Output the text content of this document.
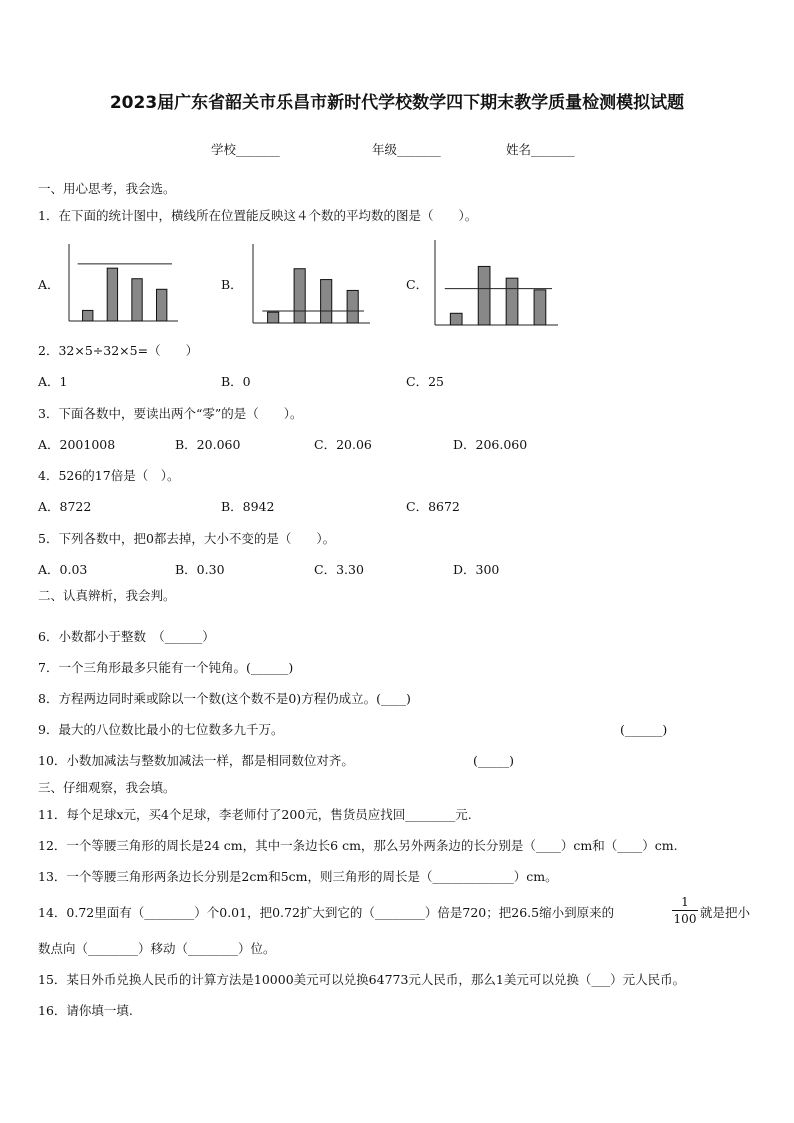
2023届广东省韶关市乐昌市新时代学校数学四下期末教学质量检测模拟试题
学校_______	年级_______	姓名_______
一、用心思考，我会选。
1．在下面的统计图中，横线所在位置能反映这４个数的平均数的图是（　　）。
A．	B．	C．
2．32×5÷32×5=（　　）
A．1	B．0	C．25
3．下面各数中，要读出两个“零”的是（　　）。
A．2001008	B．20.060	C．20.06	D．206.060
4．526的17倍是（　）。
A．8722	B．8942	C．8672
5．下列各数中，把0都去掉，大小不变的是（　　）。
A．0.03	B．0.30	C．3.30	D．300
二、认真辨析，我会判。
6．小数都小于整数　（______）
7．一个三角形最多只能有一个钝角。(______)
8．方程两边同时乘或除以一个数(这个数不是0)方程仍成立。(____)
9．最大的八位数比最小的七位数多九千万。	(______)
10．小数加减法与整数加减法一样，都是相同数位对齐。	(_____)
三、仔细观察，我会填。
11．每个足球x元，买4个足球，李老师付了200元，售货员应找回________元.
12．一个等腰三角形的周长是24 cm，其中一条边长6 cm，那么另外两条边的长分别是（____）cm和（____）cm.
13．一个等腰三角形两条边长分别是2cm和5cm，则三角形的周长是（_____________）cm。
14．0.72里面有（________）个0.01，把0.72扩大到它的（________）倍是720；把26.5缩小到原来的
1
100 就是把小
数点向（________）移动（________）位。
15．某日外币兑换人民币的计算方法是10000美元可以兑换64773元人民币，那么1美元可以兑换（___）元人民币。
16．请你填一填.
